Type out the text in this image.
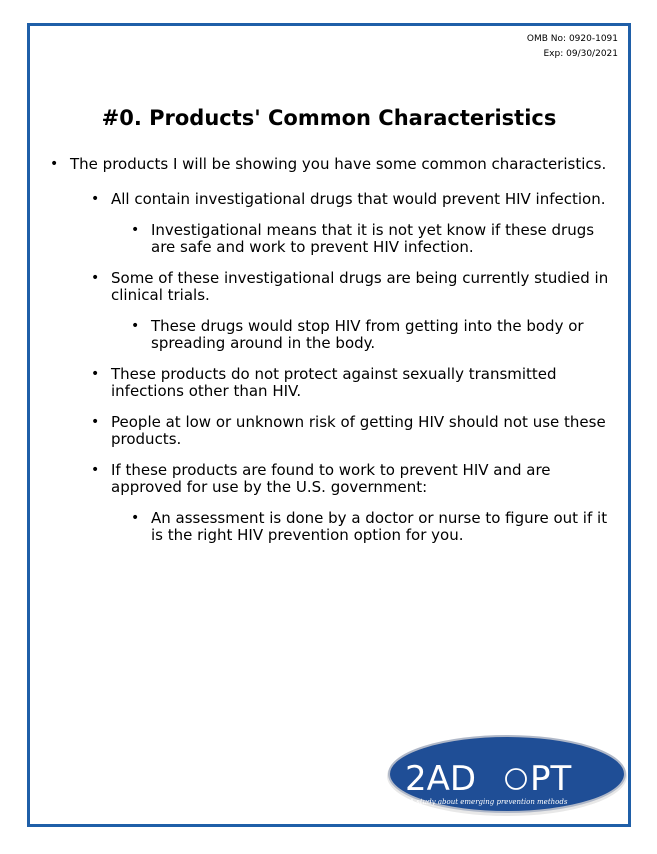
OMB No: 0920-1091
Exp: 09/30/2021
#0. Products' Common Characteristics

• The products I will be showing you have some common characteristics.

• All contain investigational drugs that would prevent HIV infection.

• Investigational means that it is not yet know if these drugs are safe and work to prevent HIV infection.

• Some of these investigational drugs are being currently studied in clinical trials.

• These drugs would stop HIV from getting into the body or spreading around in the body.

• These products do not protect against sexually transmitted infections other than HIV.

• People at low or unknown risk of getting HIV should not use these products.

• If these products are found to work to prevent HIV and are approved for use by the U.S. government:

• An assessment is done by a doctor or nurse to figure out if it is the right HIV prevention option for you.

2AD PT
A study about emerging prevention methods
